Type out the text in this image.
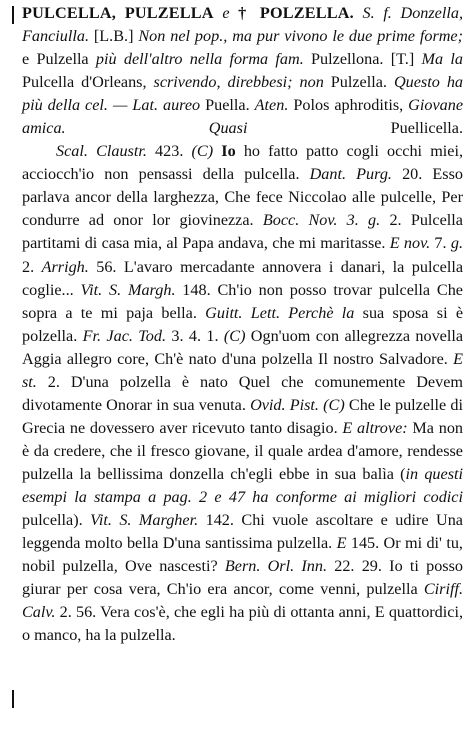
PULCELLA, PULZELLA e † POLZELLA. S. f. Donzella, Fanciulla. [L.B.] Non nel pop., ma pur vivono le due prime forme; e Pulzella più dell'altro nella forma fam. Pulzellona. [T.] Ma la Pulcella d'Orleans, scrivendo, direbbesi; non Pulzella. Questo ha più della cel. — Lat. aureo Puella. Aten. Polos aphroditis, Giovane amica. Quasi Puellicella.

Scal. Claustr. 423. (C) Io ho fatto patto cogli occhi miei, acciocch'io non pensassi della pulcella. Dant. Purg. 20. Esso parlava ancor della larghezza, Che fece Niccolao alle pulcelle, Per condurre ad onor lor giovinezza. Bocc. Nov. 3. g. 2. Pulcella partitami di casa mia, al Papa andava, che mi maritasse. E nov. 7. g. 2. Arrigh. 56. L'avaro mercadante annovera i danari, la pulcella coglie... Vit. S. Margh. 148. Ch'io non posso trovar pulcella Che sopra a te mi paja bella. Guitt. Lett. Perchè la sua sposa si è polzella. Fr. Jac. Tod. 3. 4. 1. (C) Ogn'uom con allegrezza novella Aggia allegro core, Ch'è nato d'una polzella Il nostro Salvadore. E st. 2. D'una polzella è nato Quel che comunemente Devem divotamente Onorar in sua venuta. Ovid. Pist. (C) Che le pulzelle di Grecia ne dovessero aver ricevuto tanto disagio. E altrove: Ma non è da credere, che il fresco giovane, il quale ardea d'amore, rendesse pulzella la bellissima donzella ch'egli ebbe in sua balìa (in questi esempi la stampa a pag. 2 e 47 ha conforme ai migliori codici pulcella). Vit. S. Margher. 142. Chi vuole ascoltare e udire Una leggenda molto bella D'una santissima pulzella. E 145. Or mi di' tu, nobil pulzella, Ove nascesti? Bern. Orl. Inn. 22. 29. Io ti posso giurar per cosa vera, Ch'io era ancor, come venni, pulzella Ciriff. Calv. 2. 56. Vera cos'è, che egli ha più di ottanta anni, E quattordici, o manco, ha la pulzella.
